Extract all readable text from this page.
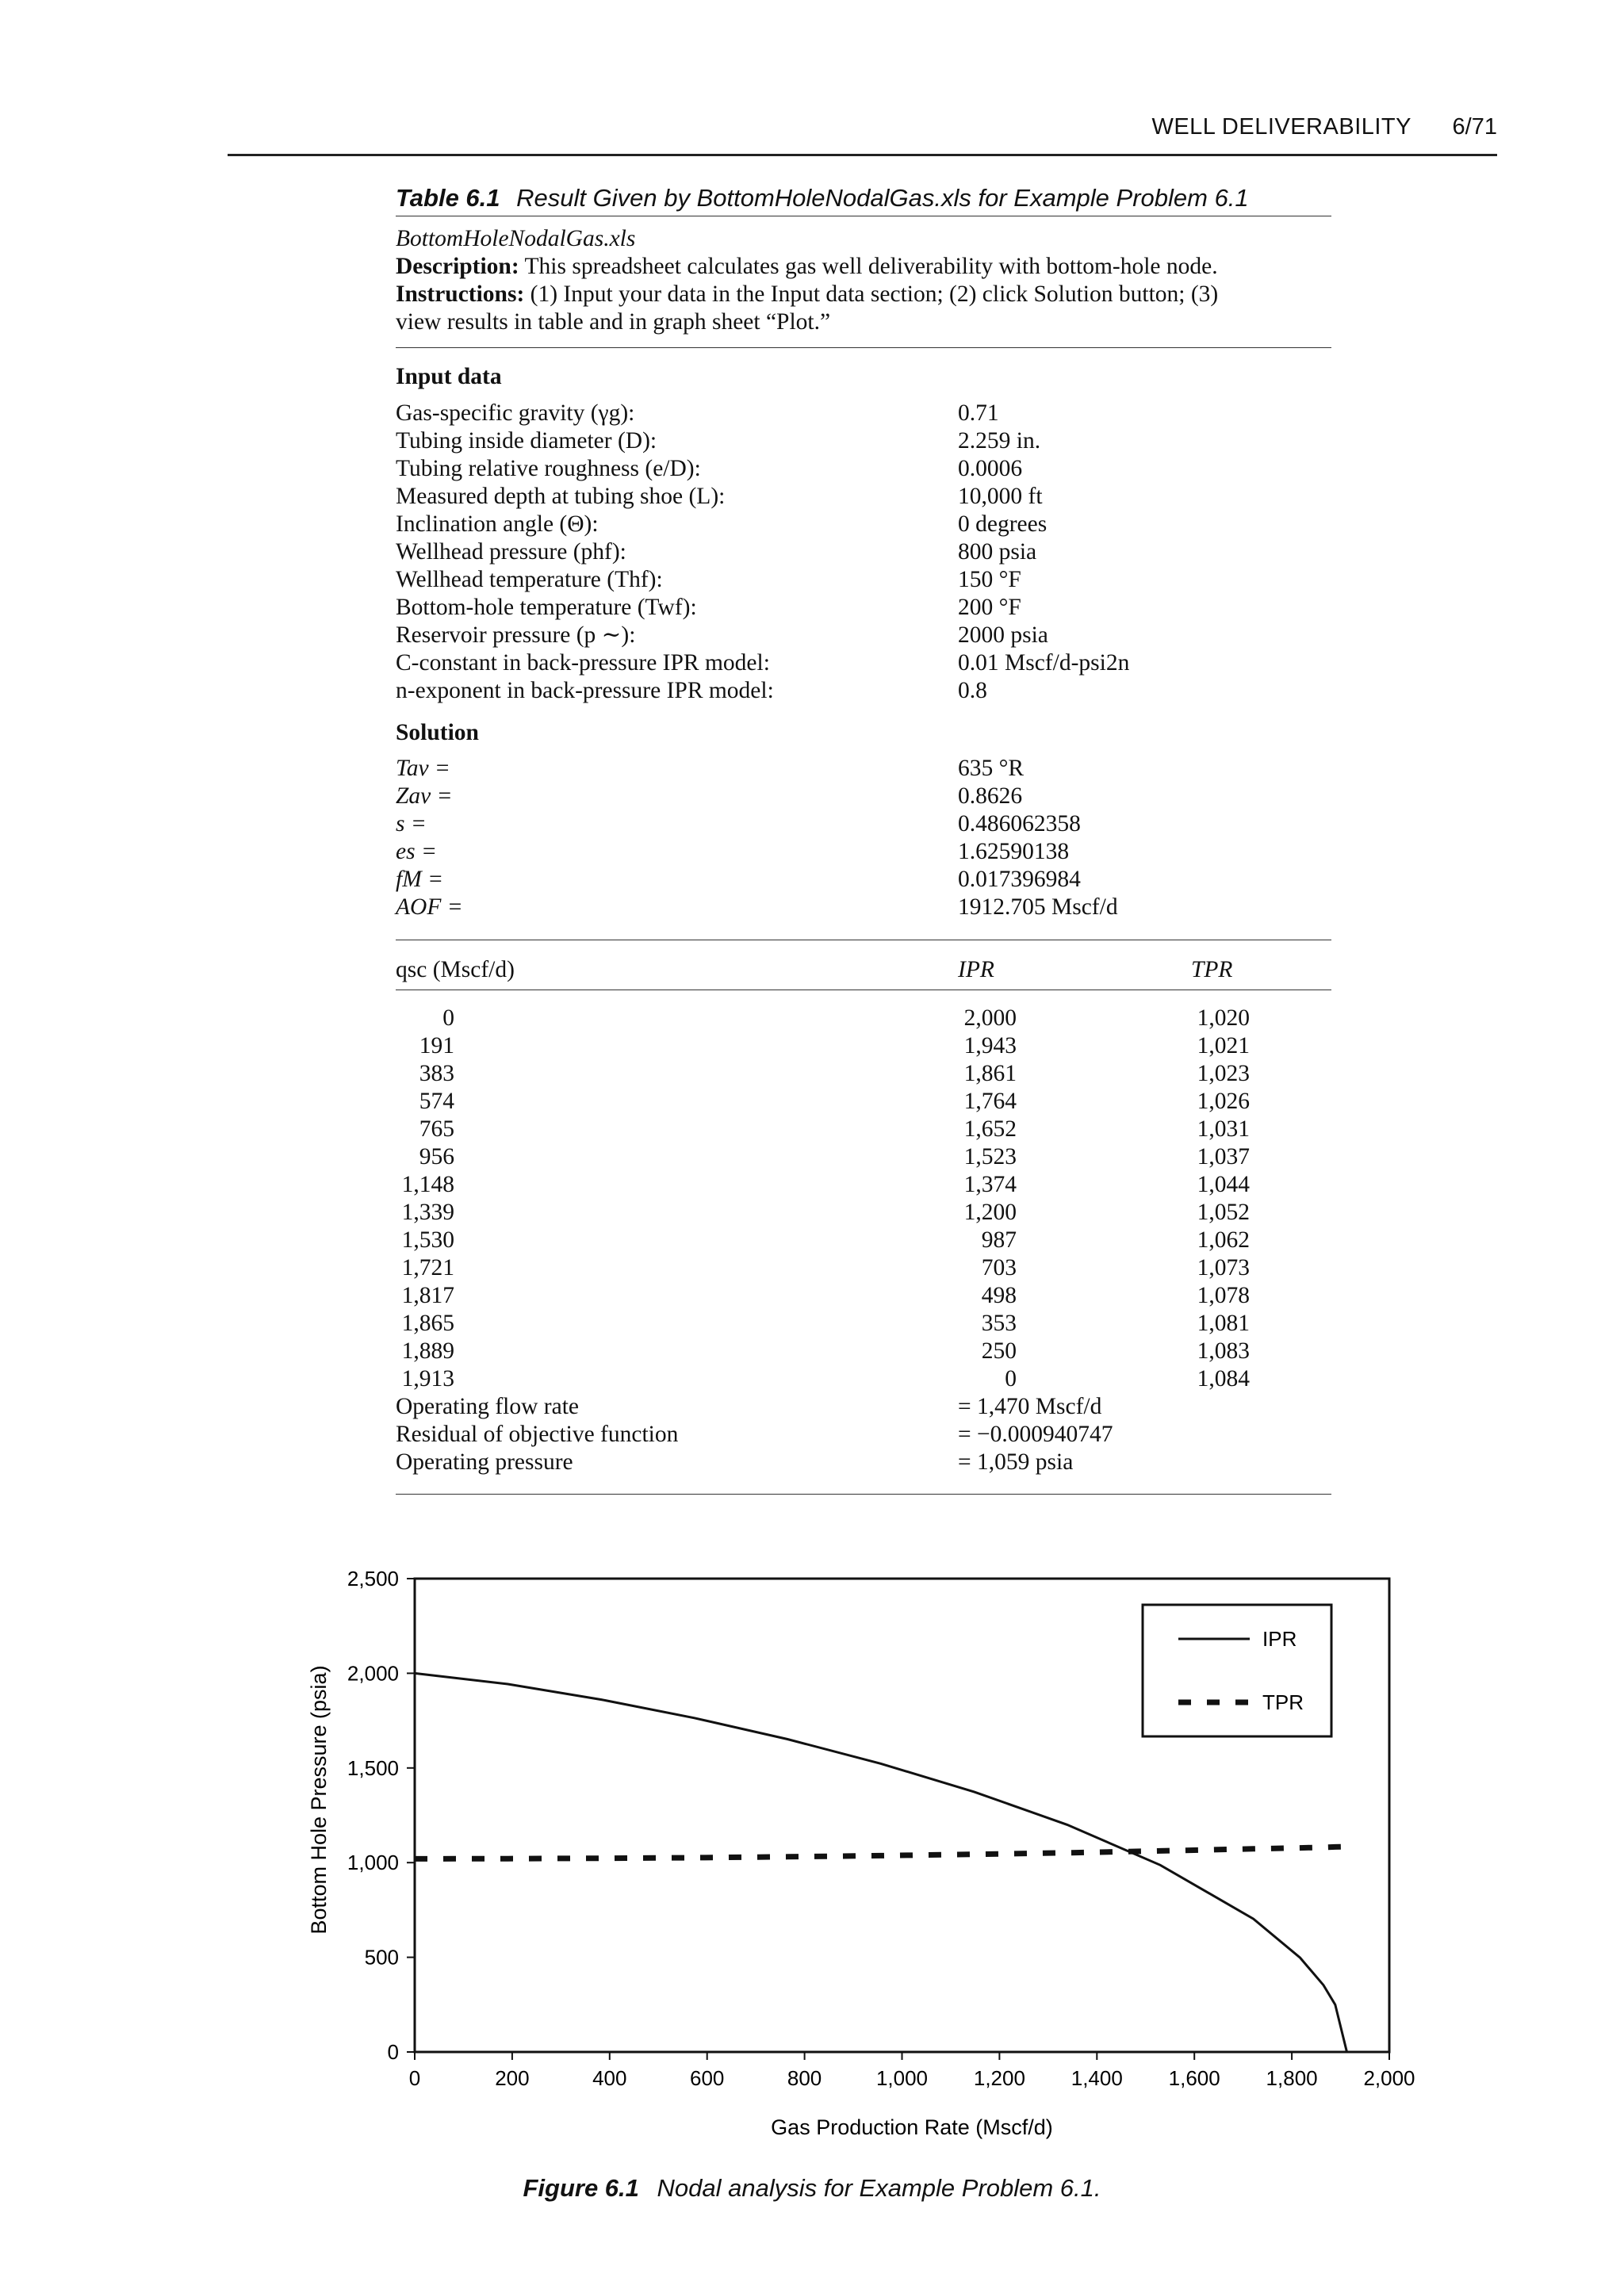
WELL DELIVERABILITY 6/71
Table 6.1 Result Given by BottomHoleNodalGas.xls for Example Problem 6.1
BottomHoleNodalGas.xls
Description: This spreadsheet calculates gas well deliverability with bottom-hole node.
Instructions: (1) Input your data in the Input data section; (2) click Solution button; (3)
view results in table and in graph sheet “Plot.”
Input data
Gas-specific gravity (γg):	0.71
Tubing inside diameter (D):	2.259 in.
Tubing relative roughness (e/D):	0.0006
Measured depth at tubing shoe (L):	10,000 ft
Inclination angle (Θ):	0 degrees
Wellhead pressure (phf):	800 psia
Wellhead temperature (Thf):	150 °F
Bottom-hole temperature (Twf):	200 °F
Reservoir pressure (p ∼):	2000 psia
C-constant in back-pressure IPR model:	0.01 Mscf/d-psi2n
n-exponent in back-pressure IPR model:	0.8
Solution
Tav =	635 °R
Zav =	0.8626
s =	0.486062358
es =	1.62590138
fM =	0.017396984
AOF =	1912.705 Mscf/d
qsc (Mscf/d)	IPR	TPR
0	2,000	1,020
191	1,943	1,021
383	1,861	1,023
574	1,764	1,026
765	1,652	1,031
956	1,523	1,037
1,148	1,374	1,044
1,339	1,200	1,052
1,530	987	1,062
1,721	703	1,073
1,817	498	1,078
1,865	353	1,081
1,889	250	1,083
1,913	0	1,084
Operating flow rate	= 1,470 Mscf/d
Residual of objective function	= −0.000940747
Operating pressure	= 1,059 psia
0	200	400	600	800	1,000 1,200 1,400 1,600 1,800 2,000
0
500
1,000
1,500
2,000
2,500
IPR
TPR
Gas Production Rate (Mscf/d)
Bottom Hole Pressure (psia)
Figure 6.1 Nodal analysis for Example Problem 6.1.
